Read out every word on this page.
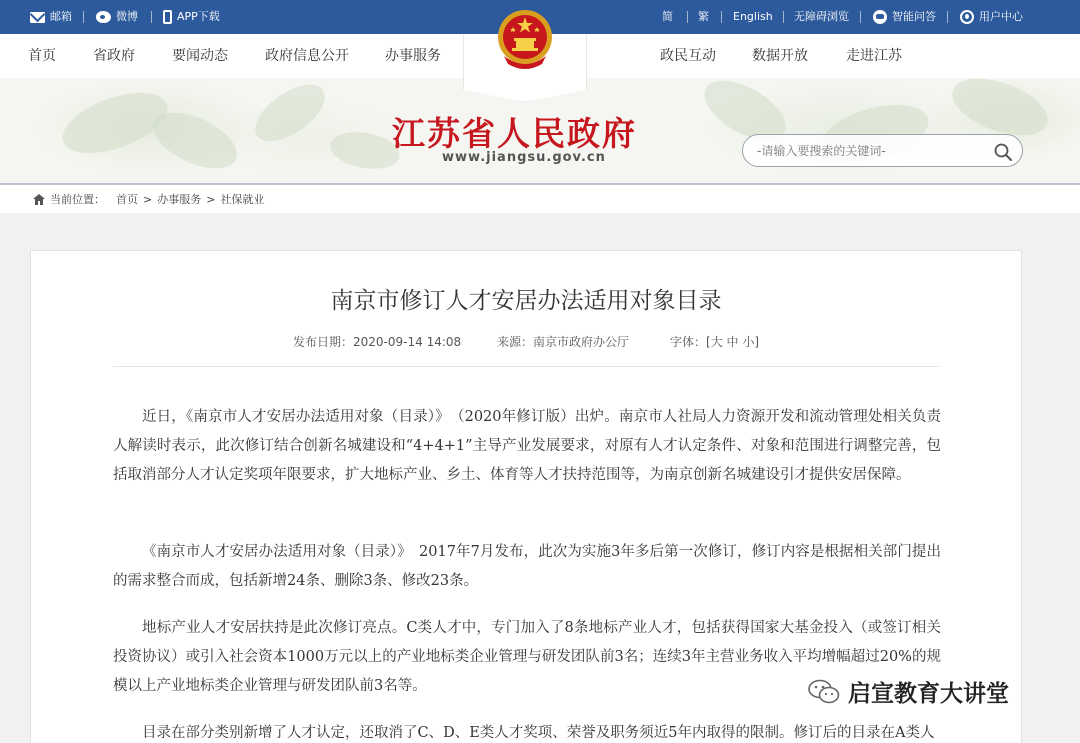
邮箱	微博	APP下载	简 繁 English 无障碍浏览	智能问答	用户中心
首页	省政府	要闻动态	政府信息公开	办事服务	政民互动	数据开放	走进江苏
江苏省人民政府
www.jiangsu.gov.cn
-请输入要搜索的关键词-
当前位置： 首页 > 办事服务 > 社保就业
南京市修订人才安居办法适用对象目录
发布日期：2020-09-14 14:08	来源：南京市政府办公厅	字体：[大 中 小]
近日，《南京市人才安居办法适用对象（目录）》　（2020年修订版）出炉。南京市人社局人力资源开发和流动管理处相关负责人解读时表示，此次修订结合创新名城建设和“4+4+1”主导产业发展要求，对原有人才认定条件、对象和范围进行调整完善，包括取消部分人才认定奖项年限要求，扩大地标产业、乡土、体育等人才扶持范围等，为南京创新名城建设引才提供安居保障。
《南京市人才安居办法适用对象（目录）》　2017年7月发布，此次为实施3年多后第一次修订，修订内容是根据相关部门提出的需求整合而成，包括新增24条、删除3条、修改23条。
地标产业人才安居扶持是此次修订亮点。C类人才中，专门加入了8条地标产业人才，包括获得国家大基金投入（或签订相关投资协议）或引入社会资本1000万元以上的产业地标类企业管理与研发团队前3名；连续3年主营业务收入平均增幅超过20%的规模以上产业地标类企业管理与研发团队前3名等。
目录在部分类别新增了人才认定，还取消了C、D、E类人才奖项、荣誉及职务须近5年内取得的限制。修订后的目录在A类人
启宣教育大讲堂
